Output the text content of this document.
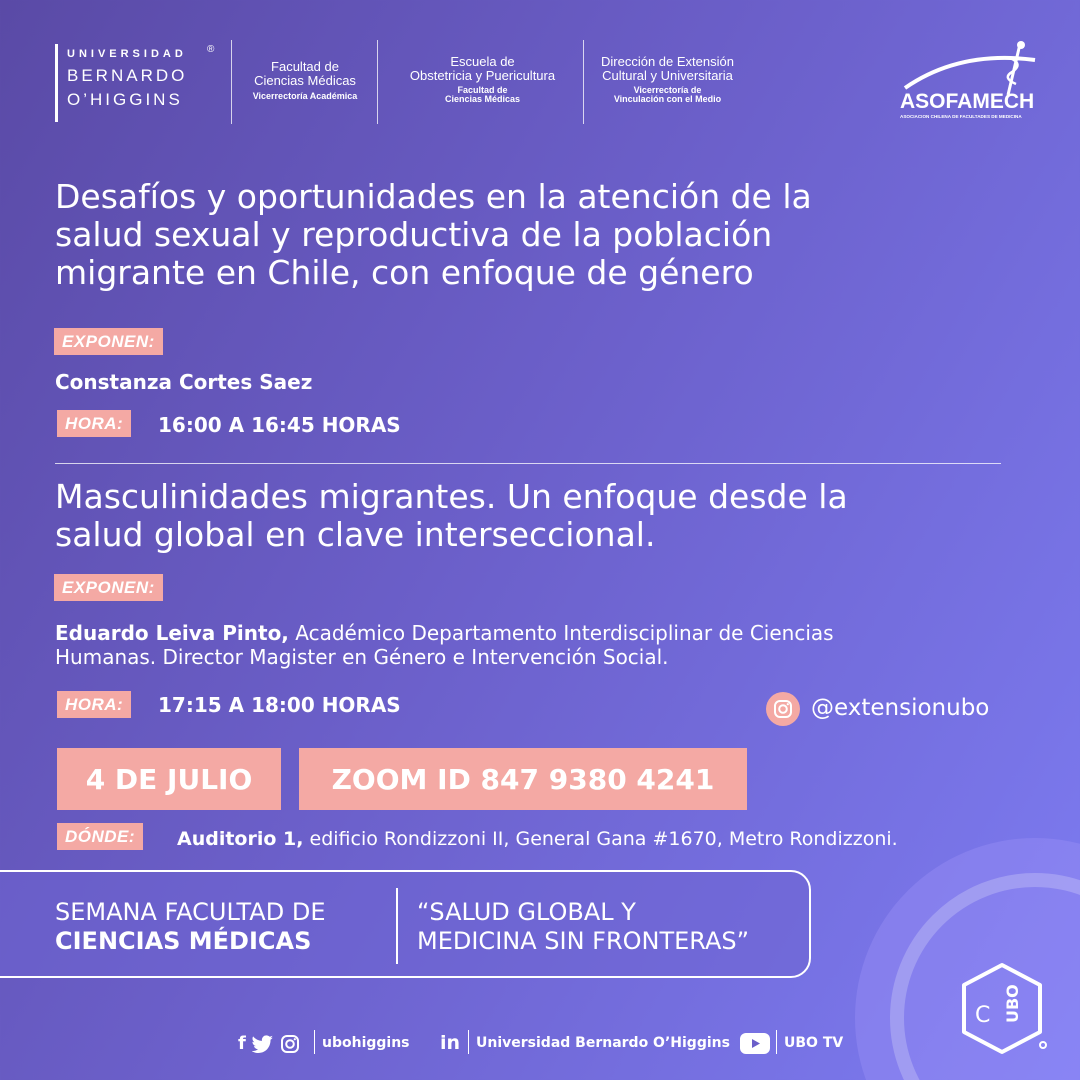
UNIVERSIDAD
BERNARDO
O’HIGGINS
®
Facultad de
Ciencias Médicas
Vicerrectoría Académica
Escuela de
Obstetricia y Puericultura
Facultad de
Ciencias Médicas
Dirección de Extensión
Cultural y Universitaria
Vicerrectoría de
Vinculación con el Medio	ASOFAMECH
ASOCIACION CHILENA DE FACULTADES DE MEDICINA
Desafíos y oportunidades en la atención de la
salud sexual y reproductiva de la población
migrante en Chile, con enfoque de género
EXPONEN:
Constanza Cortes Saez
HORA:	16:00 A 16:45 HORAS
Masculinidades migrantes. Un enfoque desde la
salud global en clave interseccional.
EXPONEN:
Eduardo Leiva Pinto, Académico Departamento Interdisciplinar de Ciencias
Humanas. Director Magister en Género e Intervención Social.
HORA:	17:15 A 18:00 HORAS	@extensionubo
4 DE JULIO	ZOOM ID 847 9380 4241
DÓNDE:	Auditorio 1, edificio Rondizzoni II, General Gana #1670, Metro Rondizzoni.
SEMANA FACULTAD DE
CIENCIAS MÉDICAS
“SALUD GLOBAL Y
MEDICINA SIN FRONTERAS”
C UBO
f	ubohiggins in Universidad Bernardo O’Higgins	UBO TV
